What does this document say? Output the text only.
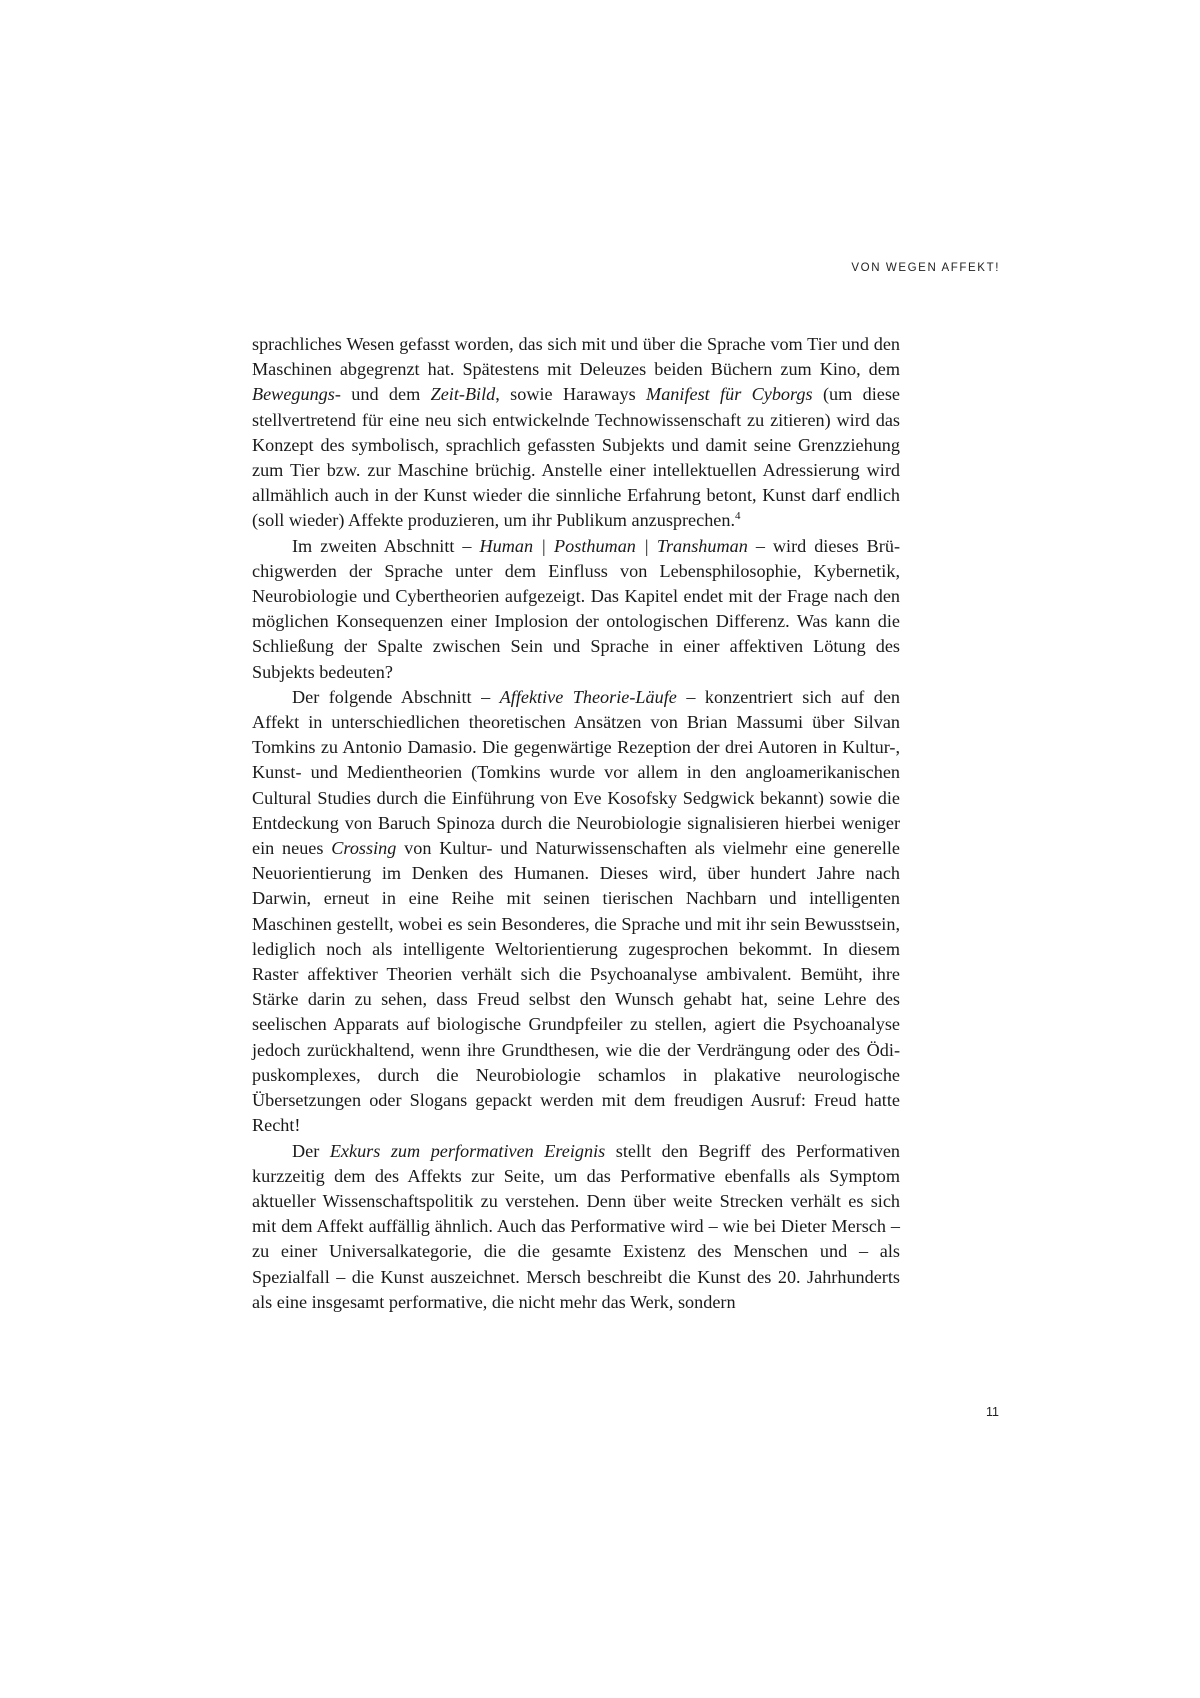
VON WEGEN AFFEKT!

sprachliches Wesen gefasst worden, das sich mit und über die Sprache vom Tier und den Maschinen abgegrenzt hat. Spätestens mit Deleuzes beiden Büchern zum Kino, dem Bewegungs- und dem Zeit-Bild, sowie Haraways Manifest für Cyborgs (um diese stellvertretend für eine neu sich entwickelnde Technowissenschaft zu zitieren) wird das Konzept des symbolisch, sprachlich gefassten Subjekts und damit seine Grenzziehung zum Tier bzw. zur Maschine brüchig. Anstelle einer intellektuellen Adressierung wird allmählich auch in der Kunst wieder die sinnliche Erfahrung betont, Kunst darf endlich (soll wieder) Affekte produzieren, um ihr Publikum anzusprechen.$^4$

Im zweiten Abschnitt – Human | Posthuman | Transhuman – wird dieses Brüchigwerden der Sprache unter dem Einfluss von Lebensphilosophie, Kybernetik, Neurobiologie und Cybertheorien aufgezeigt. Das Kapitel endet mit der Frage nach den möglichen Konsequenzen einer Implosion der ontologischen Differenz. Was kann die Schließung der Spalte zwischen Sein und Sprache in einer affektiven Lötung des Subjekts bedeuten?

Der folgende Abschnitt – Affektive Theorie-Läufe – konzentriert sich auf den Affekt in unterschiedlichen theoretischen Ansätzen von Brian Massumi über Silvan Tomkins zu Antonio Damasio. Die gegenwärtige Rezeption der drei Autoren in Kultur-, Kunst- und Medientheorien (Tomkins wurde vor allem in den angloamerikanischen Cultural Studies durch die Einführung von Eve Kosofsky Sedgwick bekannt) sowie die Entdeckung von Baruch Spinoza durch die Neurobiologie signalisieren hierbei weniger ein neues Crossing von Kultur- und Naturwissenschaften als vielmehr eine generelle Neuorientierung im Denken des Humanen. Dieses wird, über hundert Jahre nach Darwin, erneut in eine Reihe mit seinen tierischen Nachbarn und intelligenten Maschinen gestellt, wobei es sein Besonderes, die Sprache und mit ihr sein Bewusstsein, lediglich noch als intelligente Weltorientierung zugesprochen bekommt. In diesem Raster affektiver Theorien verhält sich die Psychoanalyse ambivalent. Bemüht, ihre Stärke darin zu sehen, dass Freud selbst den Wunsch gehabt hat, seine Lehre des seelischen Apparats auf biologische Grundpfeiler zu stellen, agiert die Psychoanalyse jedoch zurückhaltend, wenn ihre Grundthesen, wie die der Verdrängung oder des Ödipuskomplexes, durch die Neurobiologie schamlos in plakative neurologische Übersetzungen oder Slogans gepackt werden mit dem freudigen Ausruf: Freud hatte Recht!

Der Exkurs zum performativen Ereignis stellt den Begriff des Performativen kurzzeitig dem des Affekts zur Seite, um das Performative ebenfalls als Symptom aktueller Wissenschaftspolitik zu verstehen. Denn über weite Strecken verhält es sich mit dem Affekt auffällig ähnlich. Auch das Performative wird – wie bei Dieter Mersch – zu einer Universalkategorie, die die gesamte Existenz des Menschen und – als Spezialfall – die Kunst auszeichnet. Mersch beschreibt die Kunst des 20. Jahrhunderts als eine insgesamt performative, die nicht mehr das Werk, sondern

11
